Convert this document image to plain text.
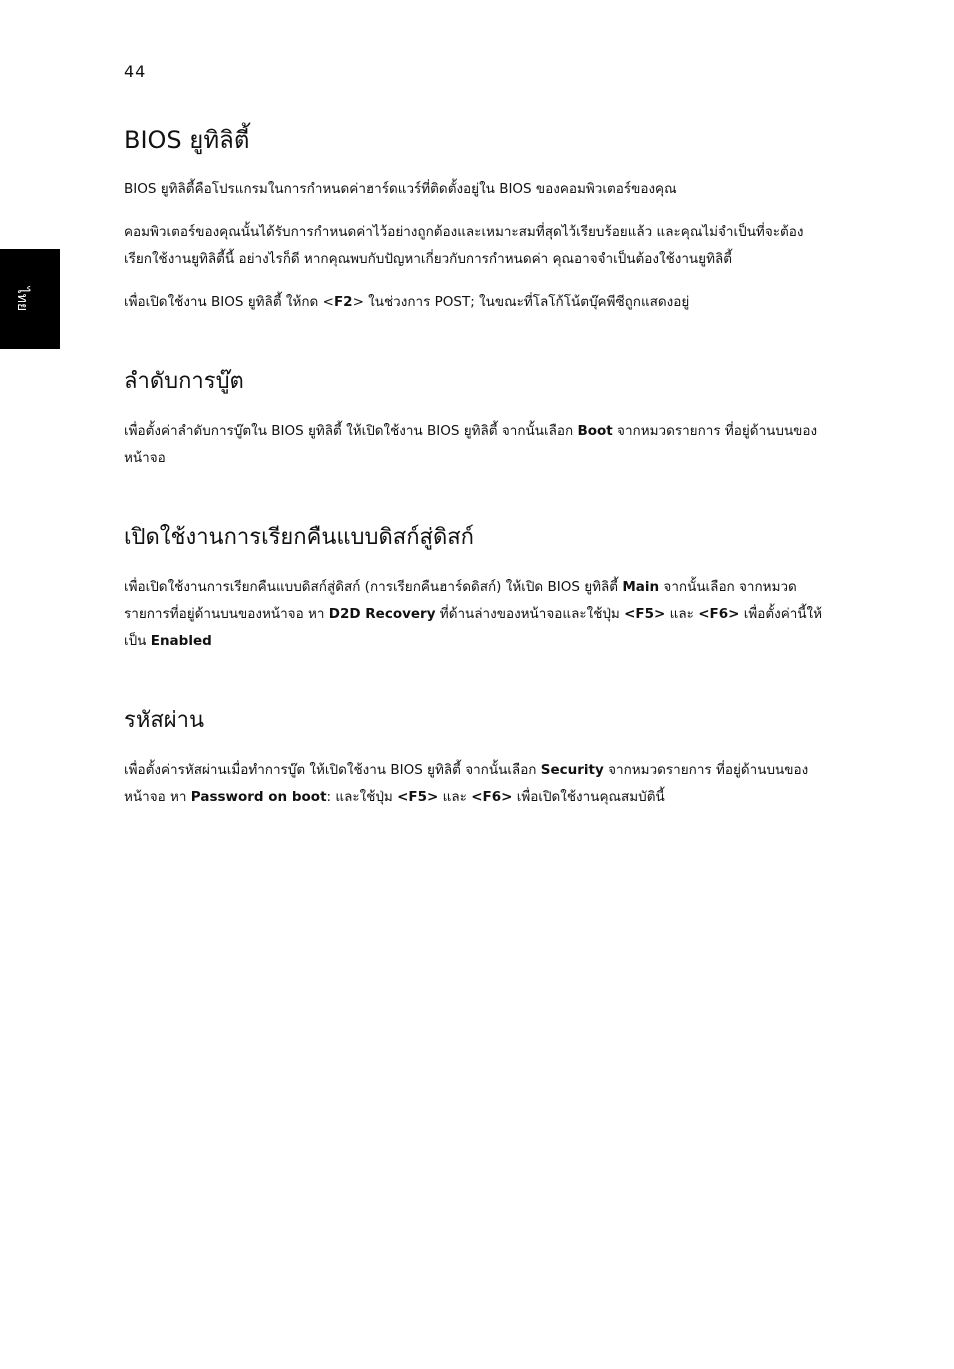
44
ไทย
BIOS ยูทิลิตี้

BIOS ยูทิลิตี้คือโปรแกรมในการกำหนดค่าฮาร์ดแวร์ที่ติดตั้งอยู่ใน BIOS ของคอมพิวเตอร์ของคุณ

คอมพิวเตอร์ของคุณนั้นได้รับการกำหนดค่าไว้อย่างถูกต้องและเหมาะสมที่สุดไว้เรียบร้อยแล้ว และคุณไม่จำเป็นที่จะต้องเรียกใช้งานยูทิลิตี้นี้ อย่างไรก็ดี หากคุณพบกับปัญหาเกี่ยวกับการกำหนดค่า คุณอาจจำเป็นต้องใช้งานยูทิลิตี้

เพื่อเปิดใช้งาน BIOS ยูทิลิตี้ ให้กด <F2> ในช่วงการ POST; ในขณะที่โลโก้โน้ตบุ๊คพีซีถูกแสดงอยู่

ลำดับการบู๊ต

เพื่อตั้งค่าลำดับการบู๊ตใน BIOS ยูทิลิตี้ ให้เปิดใช้งาน BIOS ยูทิลิตี้ จากนั้นเลือก Boot จากหมวดรายการ ที่อยู่ด้านบนของหน้าจอ

เปิดใช้งานการเรียกคืนแบบดิสก์สู่ดิสก์

เพื่อเปิดใช้งานการเรียกคืนแบบดิสก์สู่ดิสก์ (การเรียกคืนฮาร์ดดิสก์) ให้เปิด BIOS ยูทิลิตี้ Main จากนั้นเลือก จากหมวดรายการที่อยู่ด้านบนของหน้าจอ หา D2D Recovery ที่ด้านล่างของหน้าจอและใช้ปุ่ม <F5> และ <F6> เพื่อตั้งค่านี้ให้เป็น Enabled

รหัสผ่าน

เพื่อตั้งค่ารหัสผ่านเมื่อทำการบู๊ต ให้เปิดใช้งาน BIOS ยูทิลิตี้ จากนั้นเลือก Security จากหมวดรายการ ที่อยู่ด้านบนของหน้าจอ หา Password on boot: และใช้ปุ่ม <F5> และ <F6> เพื่อเปิดใช้งานคุณสมบัตินี้
